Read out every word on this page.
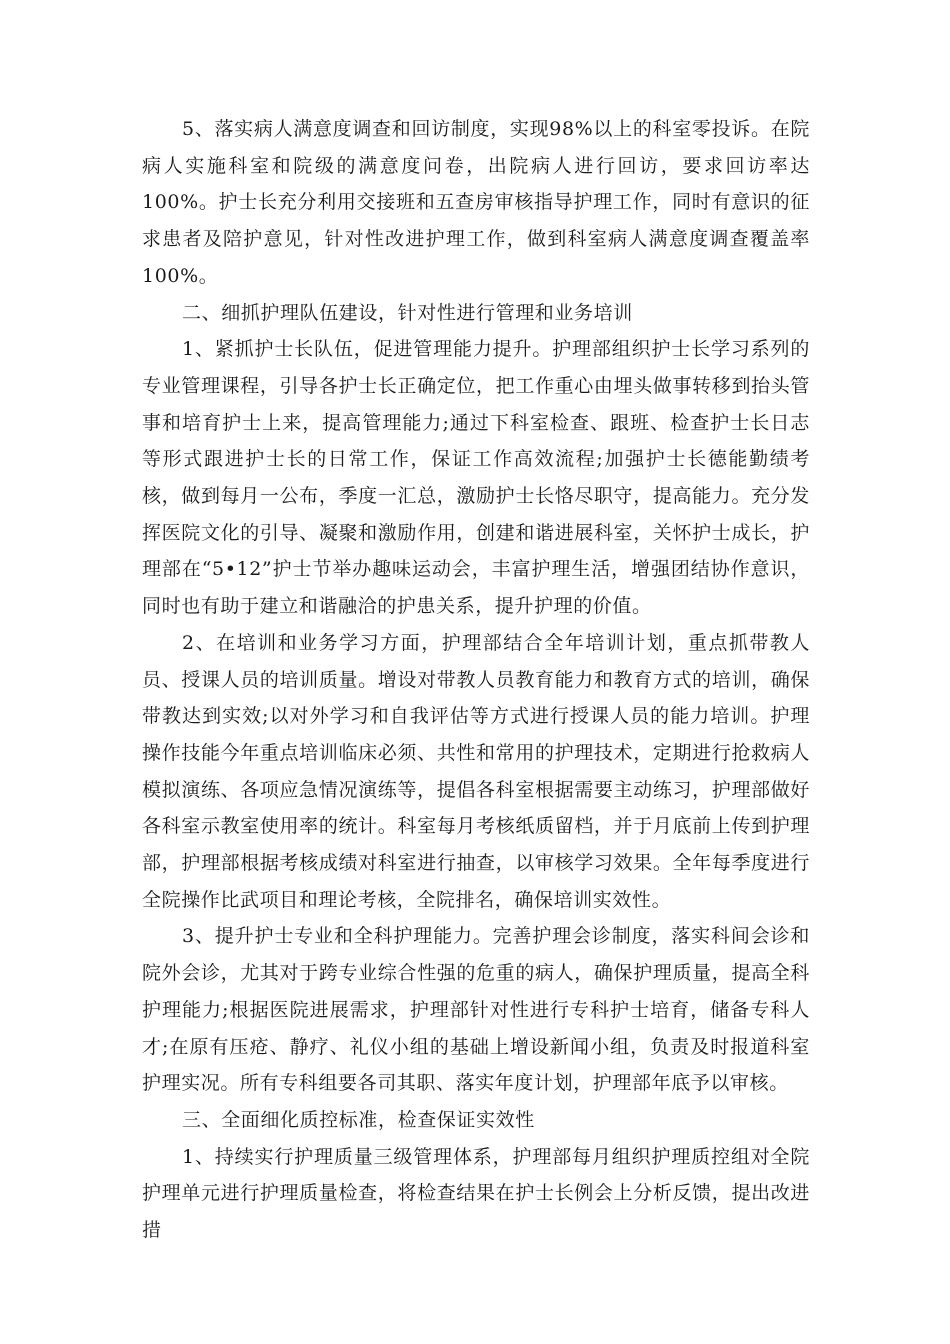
5、落实病人满意度调查和回访制度，实现98%以上的科室零投诉。在院病人实施科室和院级的满意度问卷，出院病人进行回访，要求回访率达100%。护士长充分利用交接班和五查房审核指导护理工作，同时有意识的征求患者及陪护意见，针对性改进护理工作，做到科室病人满意度调查覆盖率100%。

二、细抓护理队伍建设，针对性进行管理和业务培训

1、紧抓护士长队伍，促进管理能力提升。护理部组织护士长学习系列的专业管理课程，引导各护士长正确定位，把工作重心由埋头做事转移到抬头管事和培育护士上来，提高管理能力;通过下科室检查、跟班、检查护士长日志等形式跟进护士长的日常工作，保证工作高效流程;加强护士长德能勤绩考核，做到每月一公布，季度一汇总，激励护士长恪尽职守，提高能力。充分发挥医院文化的引导、凝聚和激励作用，创建和谐进展科室，关怀护士成长，护理部在“5•12”护士节举办趣味运动会，丰富护理生活，增强团结协作意识，同时也有助于建立和谐融洽的护患关系，提升护理的价值。

2、在培训和业务学习方面，护理部结合全年培训计划，重点抓带教人员、授课人员的培训质量。增设对带教人员教育能力和教育方式的培训，确保带教达到实效;以对外学习和自我评估等方式进行授课人员的能力培训。护理操作技能今年重点培训临床必须、共性和常用的护理技术，定期进行抢救病人模拟演练、各项应急情况演练等，提倡各科室根据需要主动练习，护理部做好各科室示教室使用率的统计。科室每月考核纸质留档，并于月底前上传到护理部，护理部根据考核成绩对科室进行抽查，以审核学习效果。全年每季度进行全院操作比武项目和理论考核，全院排名，确保培训实效性。

3、提升护士专业和全科护理能力。完善护理会诊制度，落实科间会诊和院外会诊，尤其对于跨专业综合性强的危重的病人，确保护理质量，提高全科护理能力;根据医院进展需求，护理部针对性进行专科护士培育，储备专科人才;在原有压疮、静疗、礼仪小组的基础上增设新闻小组，负责及时报道科室护理实况。所有专科组要各司其职、落实年度计划，护理部年底予以审核。

三、全面细化质控标准，检查保证实效性

1、持续实行护理质量三级管理体系，护理部每月组织护理质控组对全院护理单元进行护理质量检查，将检查结果在护士长例会上分析反馈，提出改进措
